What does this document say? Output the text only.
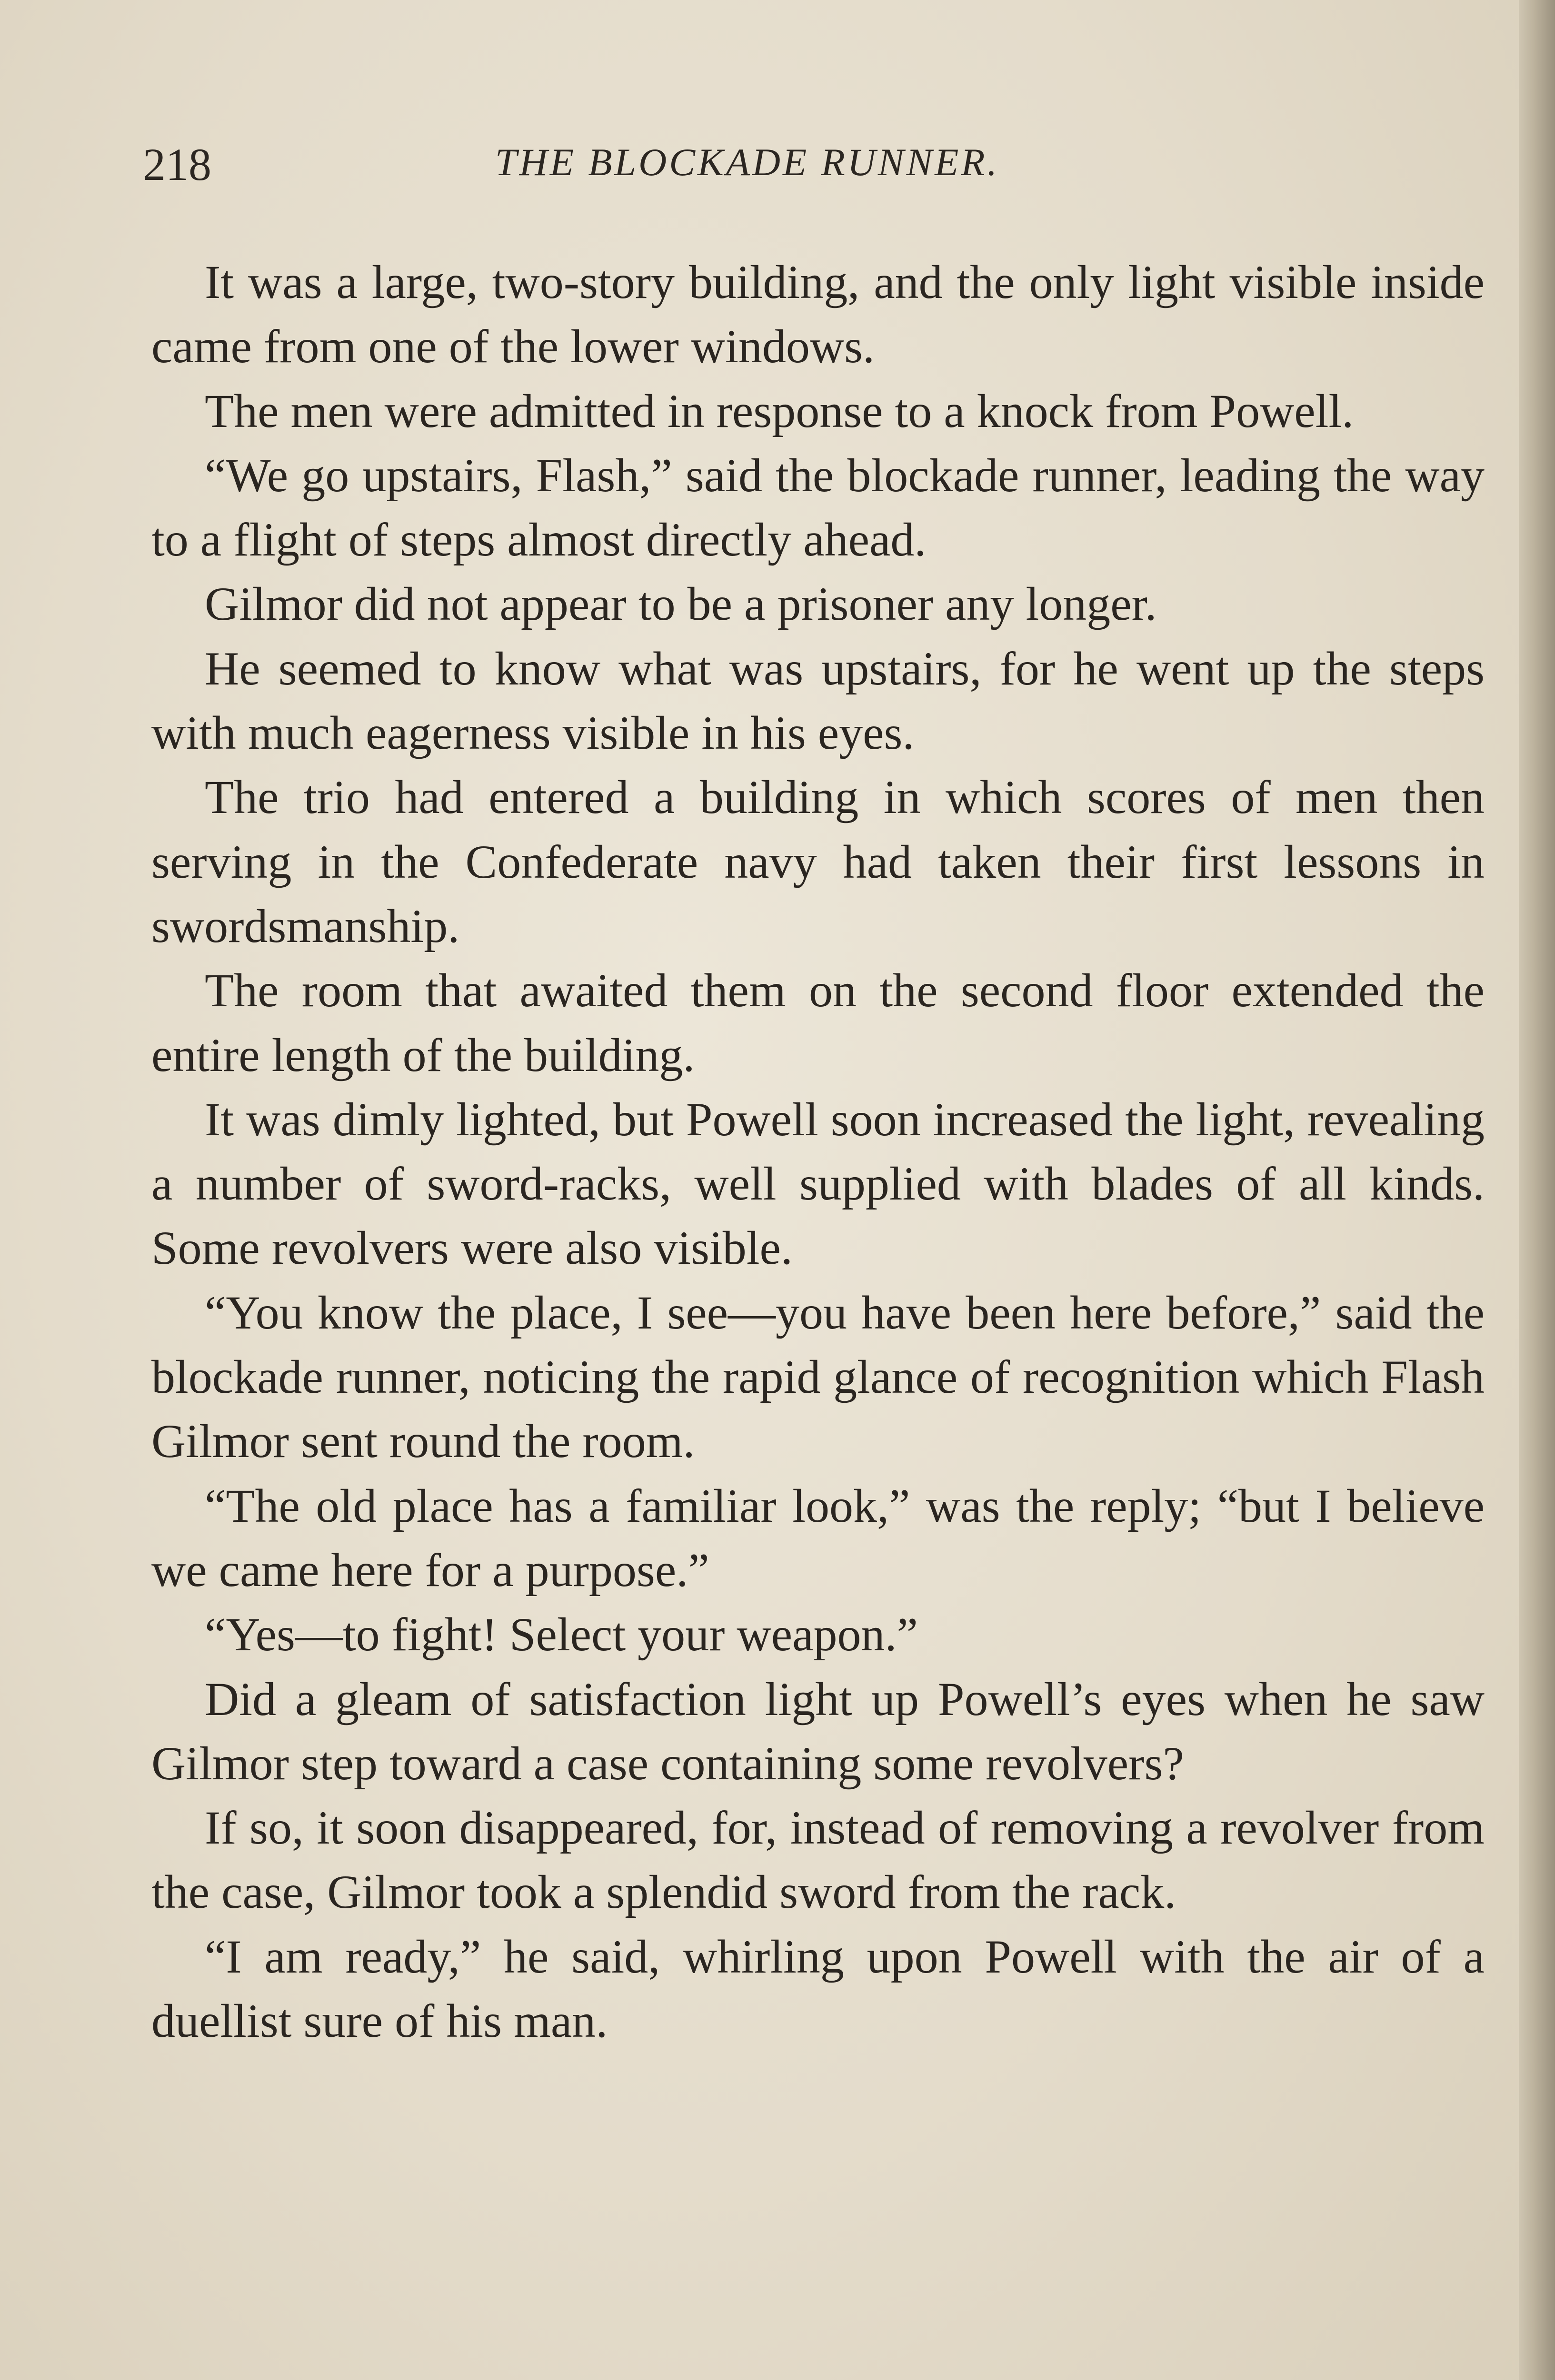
218	THE BLOCKADE RUNNER.

It was a large, two-story building, and the only light visible inside came from one of the lower windows.

The men were admitted in response to a knock from Powell.

“We go upstairs, Flash,” said the blockade runner, leading the way to a flight of steps almost directly ahead.

Gilmor did not appear to be a prisoner any longer.

He seemed to know what was upstairs, for he went up the steps with much eagerness visible in his eyes.

The trio had entered a building in which scores of men then serving in the Confederate navy had taken their first lessons in swordsmanship.

The room that awaited them on the second floor extended the entire length of the building.

It was dimly lighted, but Powell soon increased the light, revealing a number of sword-racks, well supplied with blades of all kinds. Some revolvers were also visible.

“You know the place, I see—you have been here before,” said the blockade runner, noticing the rapid glance of recognition which Flash Gilmor sent round the room.

“The old place has a familiar look,” was the reply; “but I believe we came here for a purpose.”

“Yes—to fight! Select your weapon.”

Did a gleam of satisfaction light up Powell’s eyes when he saw Gilmor step toward a case containing some revolvers?

If so, it soon disappeared, for, instead of removing a revolver from the case, Gilmor took a splendid sword from the rack.

“I am ready,” he said, whirling upon Powell with the air of a duellist sure of his man.
